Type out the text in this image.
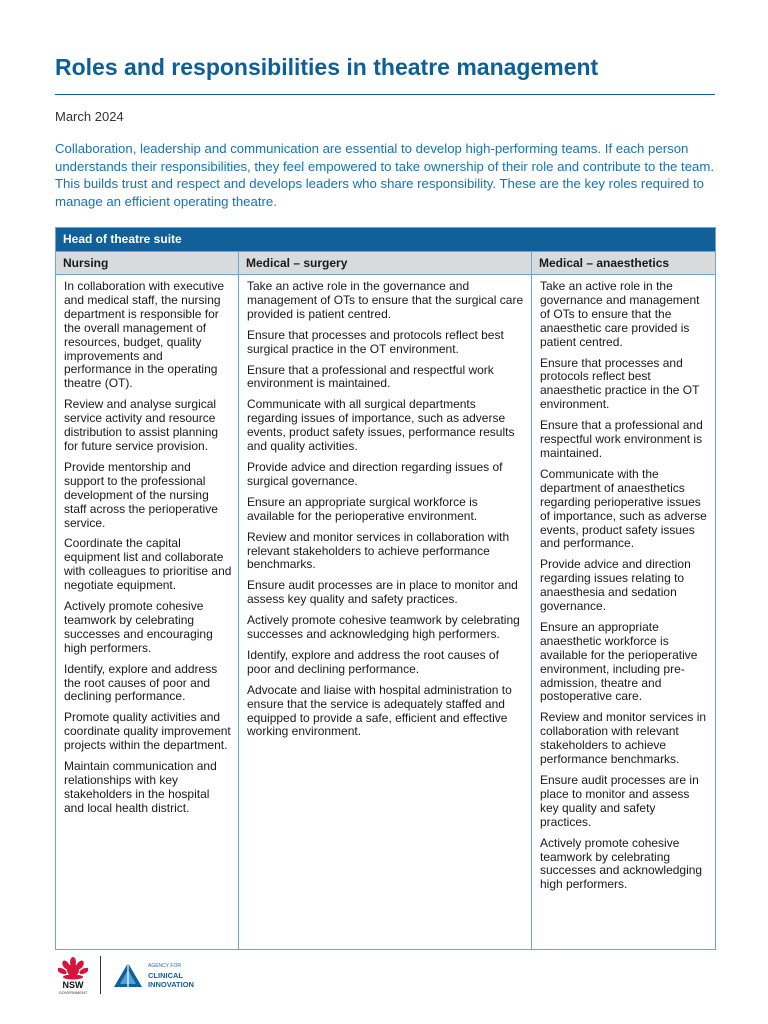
Roles and responsibilities in theatre management
March 2024
Collaboration, leadership and communication are essential to develop high-performing teams. If each person understands their responsibilities, they feel empowered to take ownership of their role and contribute to the team. This builds trust and respect and develops leaders who share responsibility. These are the key roles required to manage an efficient operating theatre.
Head of theatre suite
Nursing	Medical – surgery	Medical – anaesthetics

In collaboration with executive and medical staff, the nursing department is responsible for the overall management of resources, budget, quality improvements and performance in the operating theatre (OT).

Review and analyse surgical service activity and resource distribution to assist planning for future service provision.

Provide mentorship and support to the professional development of the nursing staff across the perioperative service.

Coordinate the capital equipment list and collaborate with colleagues to prioritise and negotiate equipment.

Actively promote cohesive teamwork by celebrating successes and encouraging high performers.

Identify, explore and address the root causes of poor and declining performance.

Promote quality activities and coordinate quality improvement projects within the department.

Maintain communication and relationships with key stakeholders in the hospital and local health district.

Take an active role in the governance and management of OTs to ensure that the surgical care provided is patient centred.

Ensure that processes and protocols reflect best surgical practice in the OT environment.

Ensure that a professional and respectful work environment is maintained.

Communicate with all surgical departments regarding issues of importance, such as adverse events, product safety issues, performance results and quality activities.

Provide advice and direction regarding issues of surgical governance.

Ensure an appropriate surgical workforce is available for the perioperative environment.

Review and monitor services in collaboration with relevant stakeholders to achieve performance benchmarks.

Ensure audit processes are in place to monitor and assess key quality and safety practices.

Actively promote cohesive teamwork by celebrating successes and acknowledging high performers.

Identify, explore and address the root causes of poor and declining performance.

Advocate and liaise with hospital administration to ensure that the service is adequately staffed and equipped to provide a safe, efficient and effective working environment.

Take an active role in the governance and management of OTs to ensure that the anaesthetic care provided is patient centred.

Ensure that processes and protocols reflect best anaesthetic practice in the OT environment.

Ensure that a professional and respectful work environment is maintained.

Communicate with the department of anaesthetics regarding perioperative issues of importance, such as adverse events, product safety issues and performance.

Provide advice and direction regarding issues relating to anaesthesia and sedation governance.

Ensure an appropriate anaesthetic workforce is available for the perioperative environment, including pre-admission, theatre and postoperative care.

Review and monitor services in collaboration with relevant stakeholders to achieve performance benchmarks.

Ensure audit processes are in place to monitor and assess key quality and safety practices.

Actively promote cohesive teamwork by celebrating successes and acknowledging high performers.

NSW
GOVERNMENT
AGENCY FOR
CLINICAL
INNOVATION
